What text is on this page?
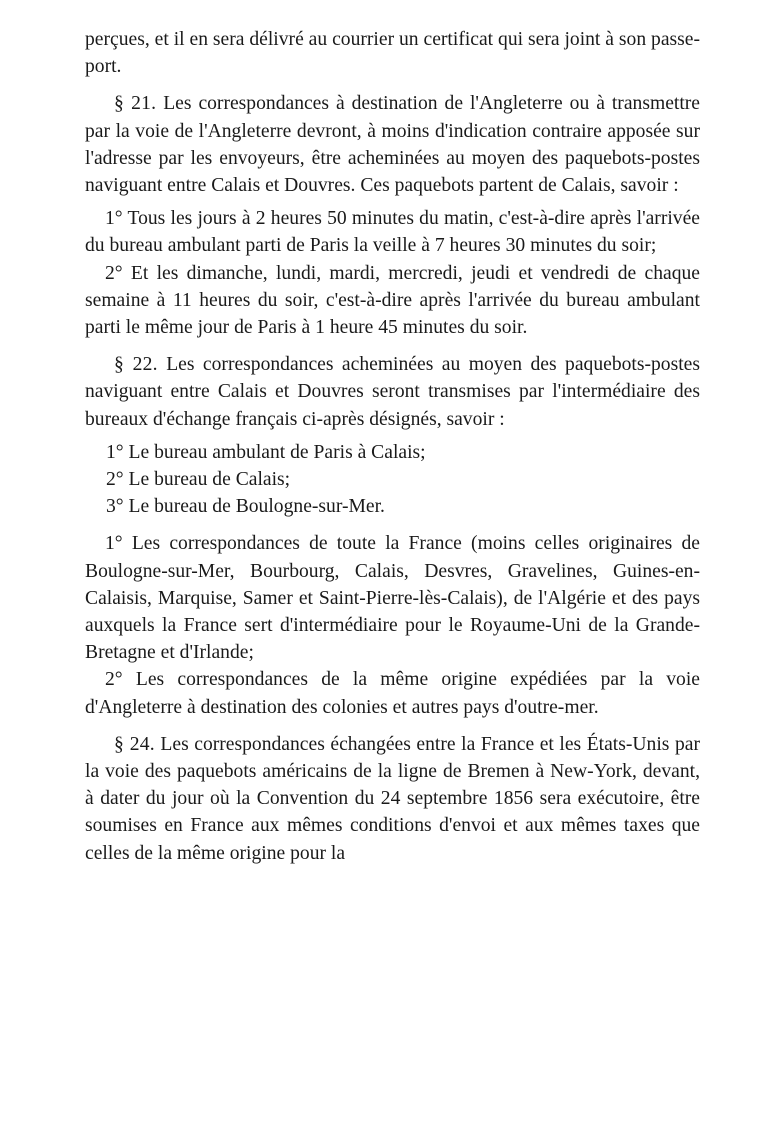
perçues, et il en sera délivré au courrier un certificat qui sera joint à son passe-port.

§ 21. Les correspondances à destination de l'Angleterre ou à transmettre par la voie de l'Angleterre devront, à moins d'indication contraire apposée sur l'adresse par les envoyeurs, être acheminées au moyen des paquebots-postes naviguant entre Calais et Douvres. Ces paquebots partent de Calais, savoir :

1° Tous les jours à 2 heures 50 minutes du matin, c'est-à-dire après l'arrivée du bureau ambulant parti de Paris la veille à 7 heures 30 minutes du soir;

2° Et les dimanche, lundi, mardi, mercredi, jeudi et vendredi de chaque semaine à 11 heures du soir, c'est-à-dire après l'arrivée du bureau ambulant parti le même jour de Paris à 1 heure 45 minutes du soir.

§ 22. Les correspondances acheminées au moyen des paquebots-postes naviguant entre Calais et Douvres seront transmises par l'intermédiaire des bureaux d'échange français ci-après désignés, savoir :

1° Le bureau ambulant de Paris à Calais;

2° Le bureau de Calais;

3° Le bureau de Boulogne-sur-Mer.

1° Les correspondances de toute la France (moins celles originaires de Boulogne-sur-Mer, Bourbourg, Calais, Desvres, Gravelines, Guines-en-Calaisis, Marquise, Samer et Saint-Pierre-lès-Calais), de l'Algérie et des pays auxquels la France sert d'intermédiaire pour le Royaume-Uni de la Grande-Bretagne et d'Irlande;

2° Les correspondances de la même origine expédiées par la voie d'Angleterre à destination des colonies et autres pays d'outre-mer.

§ 24. Les correspondances échangées entre la France et les États-Unis par la voie des paquebots américains de la ligne de Bremen à New-York, devant, à dater du jour où la Convention du 24 septembre 1856 sera exécutoire, être soumises en France aux mêmes conditions d'envoi et aux mêmes taxes que celles de la même origine pour la
